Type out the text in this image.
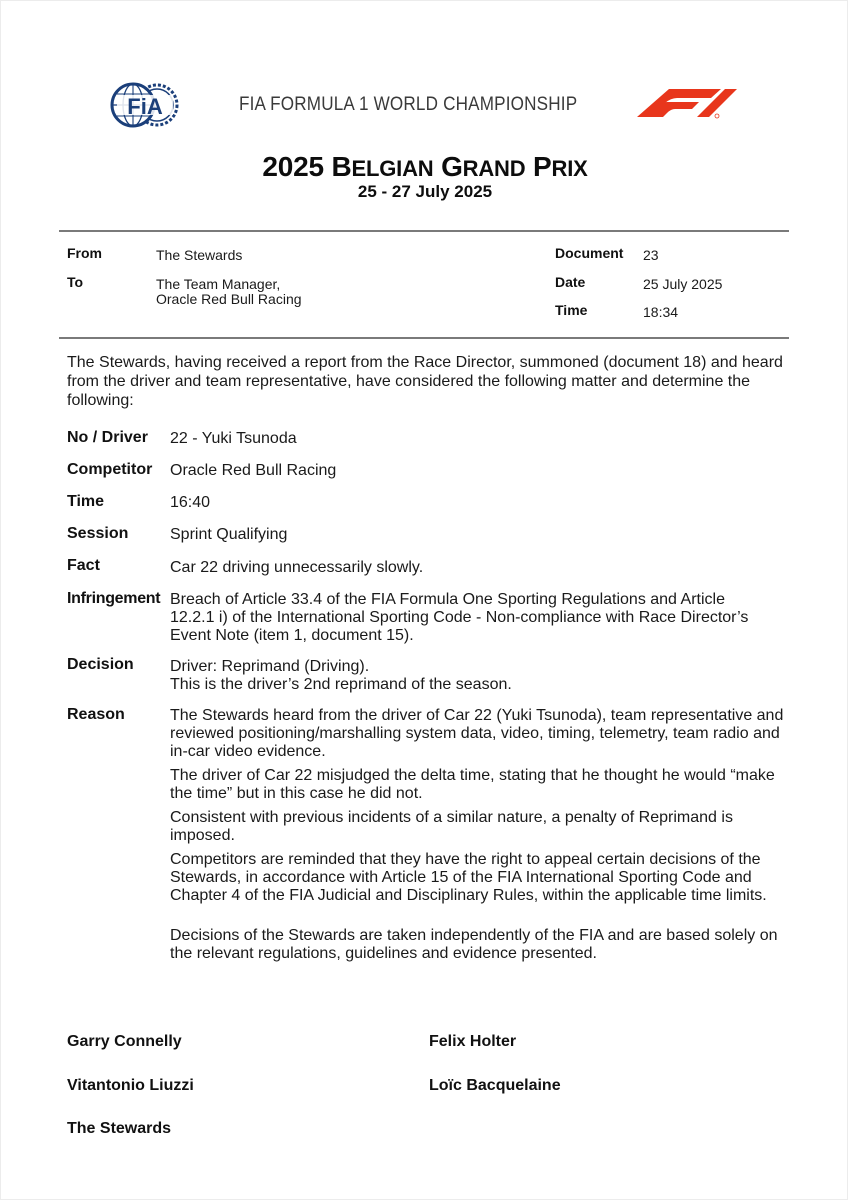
FiA	FIA FORMULA 1 WORLD CHAMPIONSHIP
2025 BELGIAN GRAND PRIX
25 - 27 July 2025
From	The Stewards
To	The Team Manager,
Oracle Red Bull Racing
Document 23
Date	25 July 2025
Time	18:34
The Stewards, having received a report from the Race Director, summoned (document 18) and heard from the driver and team representative, have considered the following matter and determine the following:
No / Driver 22 - Yuki Tsunoda
Competitor Oracle Red Bull Racing
Time	16:40
Session	Sprint Qualifying
Fact	Car 22 driving unnecessarily slowly.
Infringement Breach of Article 33.4 of the FIA Formula One Sporting Regulations and Article 12.2.1 i) of the International Sporting Code - Non-compliance with Race Director’s Event Note (item 1, document 15).
Decision Driver: Reprimand (Driving).

This is the driver’s 2nd reprimand of the season.

Reason	The Stewards heard from the driver of Car 22 (Yuki Tsunoda), team representative and reviewed positioning/marshalling system data, video, timing, telemetry, team radio and in-car video evidence.

The driver of Car 22 misjudged the delta time, stating that he thought he would “make the time” but in this case he did not.

Consistent with previous incidents of a similar nature, a penalty of Reprimand is imposed.

Competitors are reminded that they have the right to appeal certain decisions of the Stewards, in accordance with Article 15 of the FIA International Sporting Code and Chapter 4 of the FIA Judicial and Disciplinary Rules, within the applicable time limits.

Decisions of the Stewards are taken independently of the FIA and are based solely on the relevant regulations, guidelines and evidence presented.

Garry Connelly	Felix Holter
Vitantonio Liuzzi	Loïc Bacquelaine
The Stewards
